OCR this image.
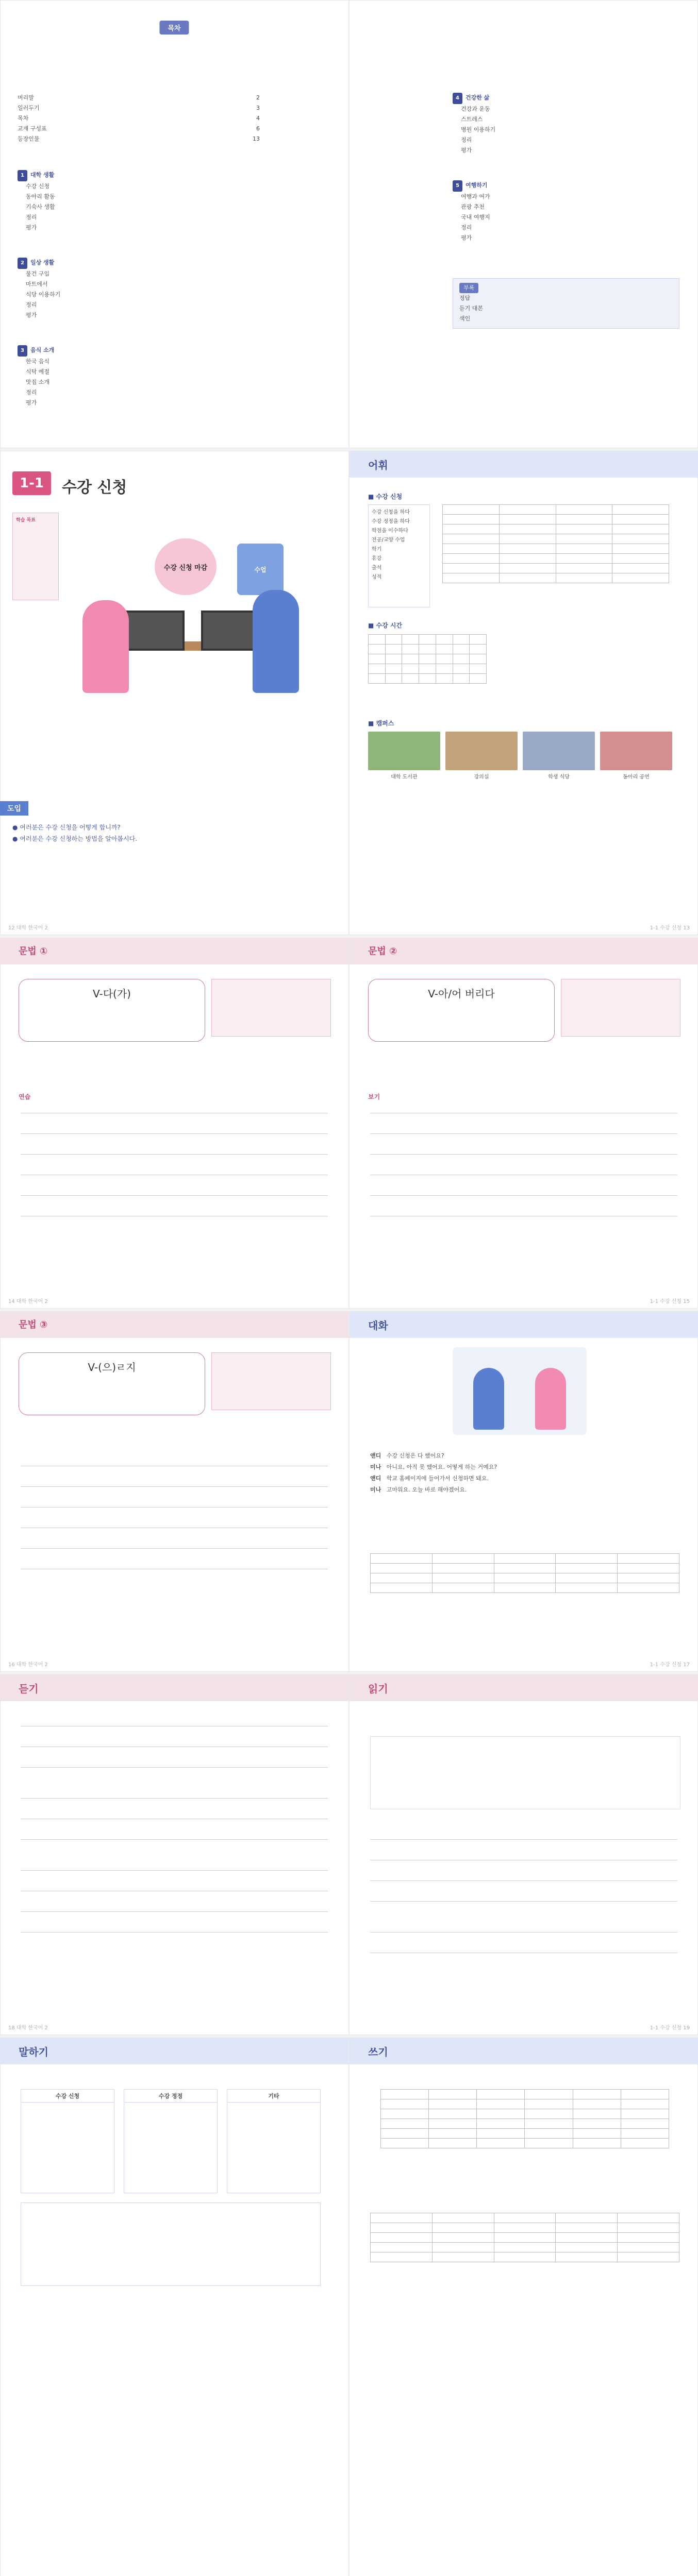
목차
머리말	2
일러두기	3
목차	4
교재 구성표	6
등장인물	13
1 대학 생활
수강 신청
동아리 활동
기숙사 생활
정리
평가
2 일상 생활
물건 구입
마트에서
식당 이용하기
정리
평가
3 음식 소개
한국 음식
식탁 예절
맛집 소개
정리
평가
4 건강한 삶
건강과 운동
스트레스
병원 이용하기
정리
평가
5 여행하기
여행과 여가
관광 추천
국내 여행지
정리
평가
부록
정답
듣기 대본
색인
1-1	수강 신청
학습 목표
수강 신청 마감	수업
도입
● 여러분은 수강 신청을 어떻게 합니까?
● 여러분은 수강 신청하는 방법을 알아봅시다.
12 대학 한국어 2
어휘
■ 수강 신청
수강 신청을 하다
수강 정정을 하다
학점을 이수하다
전공/교양 수업
학기
휴강
출석
성적

■ 수강 시간

■ 캠퍼스
대학 도서관	강의실	학생 식당	동아리 공연
1-1 수강 신청 13
문법 ①
V-다(가)
연습
14 대학 한국어 2
문법 ②
V-아/어 버리다
보기
1-1 수강 신청 15
문법 ③
V-(으)ㄹ지
16 대학 한국어 2
대화
앤디 수강 신청은 다 했어요?
미나 아니요, 아직 못 했어요. 어떻게 하는 거예요?
앤디 학교 홈페이지에 들어가서 신청하면 돼요.
미나 고마워요. 오늘 바로 해야겠어요.

1-1 수강 신청 17
듣기
18 대학 한국어 2
읽기
1-1 수강 신청 19
말하기
수강 신청	수강 정정	기타
쓰기
